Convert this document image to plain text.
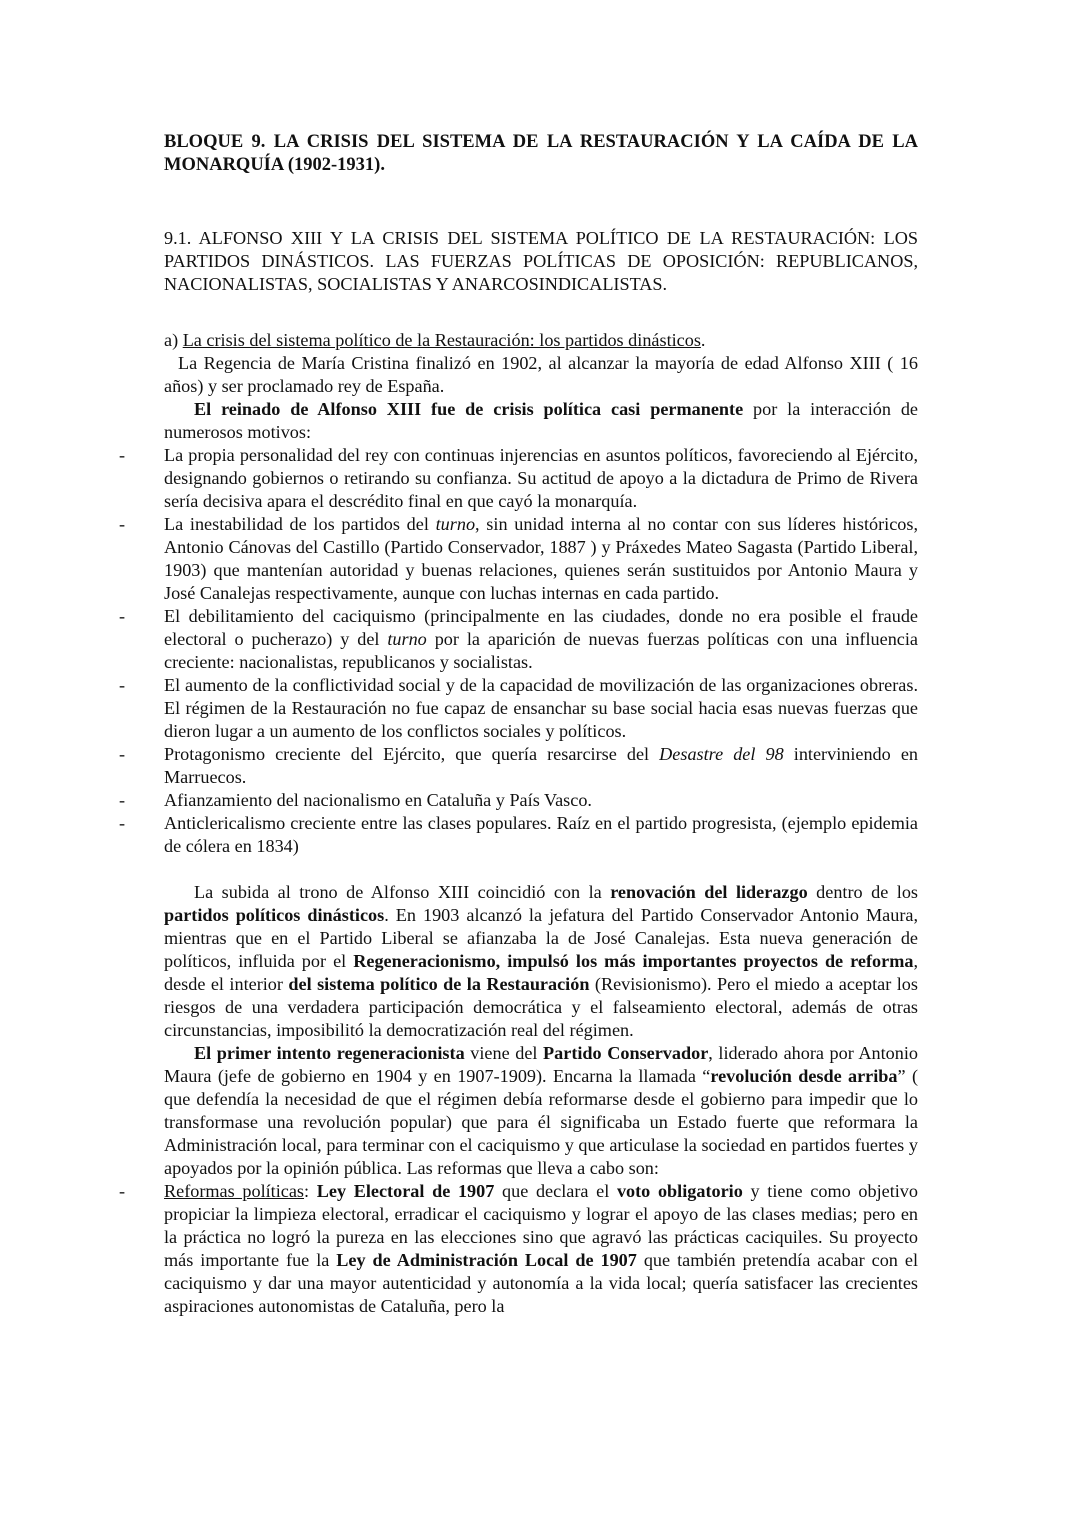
BLOQUE 9. LA CRISIS DEL SISTEMA DE LA RESTAURACIÓN Y LA CAÍDA DE LA MONARQUÍA (1902-1931).

9.1. ALFONSO XIII Y LA CRISIS DEL SISTEMA POLÍTICO DE LA RESTAURACIÓN: LOS PARTIDOS DINÁSTICOS. LAS FUERZAS POLÍTICAS DE OPOSICIÓN: REPUBLICANOS, NACIONALISTAS, SOCIALISTAS Y ANARCOSINDICALISTAS.

a) La crisis del sistema político de la Restauración: los partidos dinásticos.

La Regencia de María Cristina finalizó en 1902, al alcanzar la mayoría de edad Alfonso XIII ( 16 años) y ser proclamado rey de España.

El reinado de Alfonso XIII fue de crisis política casi permanente por la interacción de numerosos motivos:

- La propia personalidad del rey con continuas injerencias en asuntos políticos, favoreciendo al Ejército, designando gobiernos o retirando su confianza. Su actitud de apoyo a la dictadura de Primo de Rivera sería decisiva apara el descrédito final en que cayó la monarquía.
- La inestabilidad de los partidos del turno, sin unidad interna al no contar con sus líderes históricos, Antonio Cánovas del Castillo (Partido Conservador, 1887 ) y Práxedes Mateo Sagasta (Partido Liberal, 1903) que mantenían autoridad y buenas relaciones, quienes serán sustituidos por Antonio Maura y José Canalejas respectivamente, aunque con luchas internas en cada partido.
- El debilitamiento del caciquismo (principalmente en las ciudades, donde no era posible el fraude electoral o pucherazo) y del turno por la aparición de nuevas fuerzas políticas con una influencia creciente: nacionalistas, republicanos y socialistas.
- El aumento de la conflictividad social y de la capacidad de movilización de las organizaciones obreras. El régimen de la Restauración no fue capaz de ensanchar su base social hacia esas nuevas fuerzas que dieron lugar a un aumento de los conflictos sociales y políticos.
- Protagonismo creciente del Ejército, que quería resarcirse del Desastre del 98 interviniendo en Marruecos.
- Afianzamiento del nacionalismo en Cataluña y País Vasco.
- Anticlericalismo creciente entre las clases populares. Raíz en el partido progresista, (ejemplo epidemia de cólera en 1834)

La subida al trono de Alfonso XIII coincidió con la renovación del liderazgo dentro de los partidos políticos dinásticos. En 1903 alcanzó la jefatura del Partido Conservador Antonio Maura, mientras que en el Partido Liberal se afianzaba la de José Canalejas. Esta nueva generación de políticos, influida por el Regeneracionismo, impulsó los más importantes proyectos de reforma, desde el interior del sistema político de la Restauración (Revisionismo). Pero el miedo a aceptar los riesgos de una verdadera participación democrática y el falseamiento electoral, además de otras circunstancias, imposibilitó la democratización real del régimen.

El primer intento regeneracionista viene del Partido Conservador, liderado ahora por Antonio Maura (jefe de gobierno en 1904 y en 1907-1909). Encarna la llamada “revolución desde arriba” ( que defendía la necesidad de que el régimen debía reformarse desde el gobierno para impedir que lo transformase una revolución popular) que para él significaba un Estado fuerte que reformara la Administración local, para terminar con el caciquismo y que articulase la sociedad en partidos fuertes y apoyados por la opinión pública. Las reformas que lleva a cabo son:

- Reformas políticas: Ley Electoral de 1907 que declara el voto obligatorio y tiene como objetivo propiciar la limpieza electoral, erradicar el caciquismo y lograr el apoyo de las clases medias; pero en la práctica no logró la pureza en las elecciones sino que agravó las prácticas caciquiles. Su proyecto más importante fue la Ley de Administración Local de 1907 que también pretendía acabar con el caciquismo y dar una mayor autenticidad y autonomía a la vida local; quería satisfacer las crecientes aspiraciones autonomistas de Cataluña, pero la
